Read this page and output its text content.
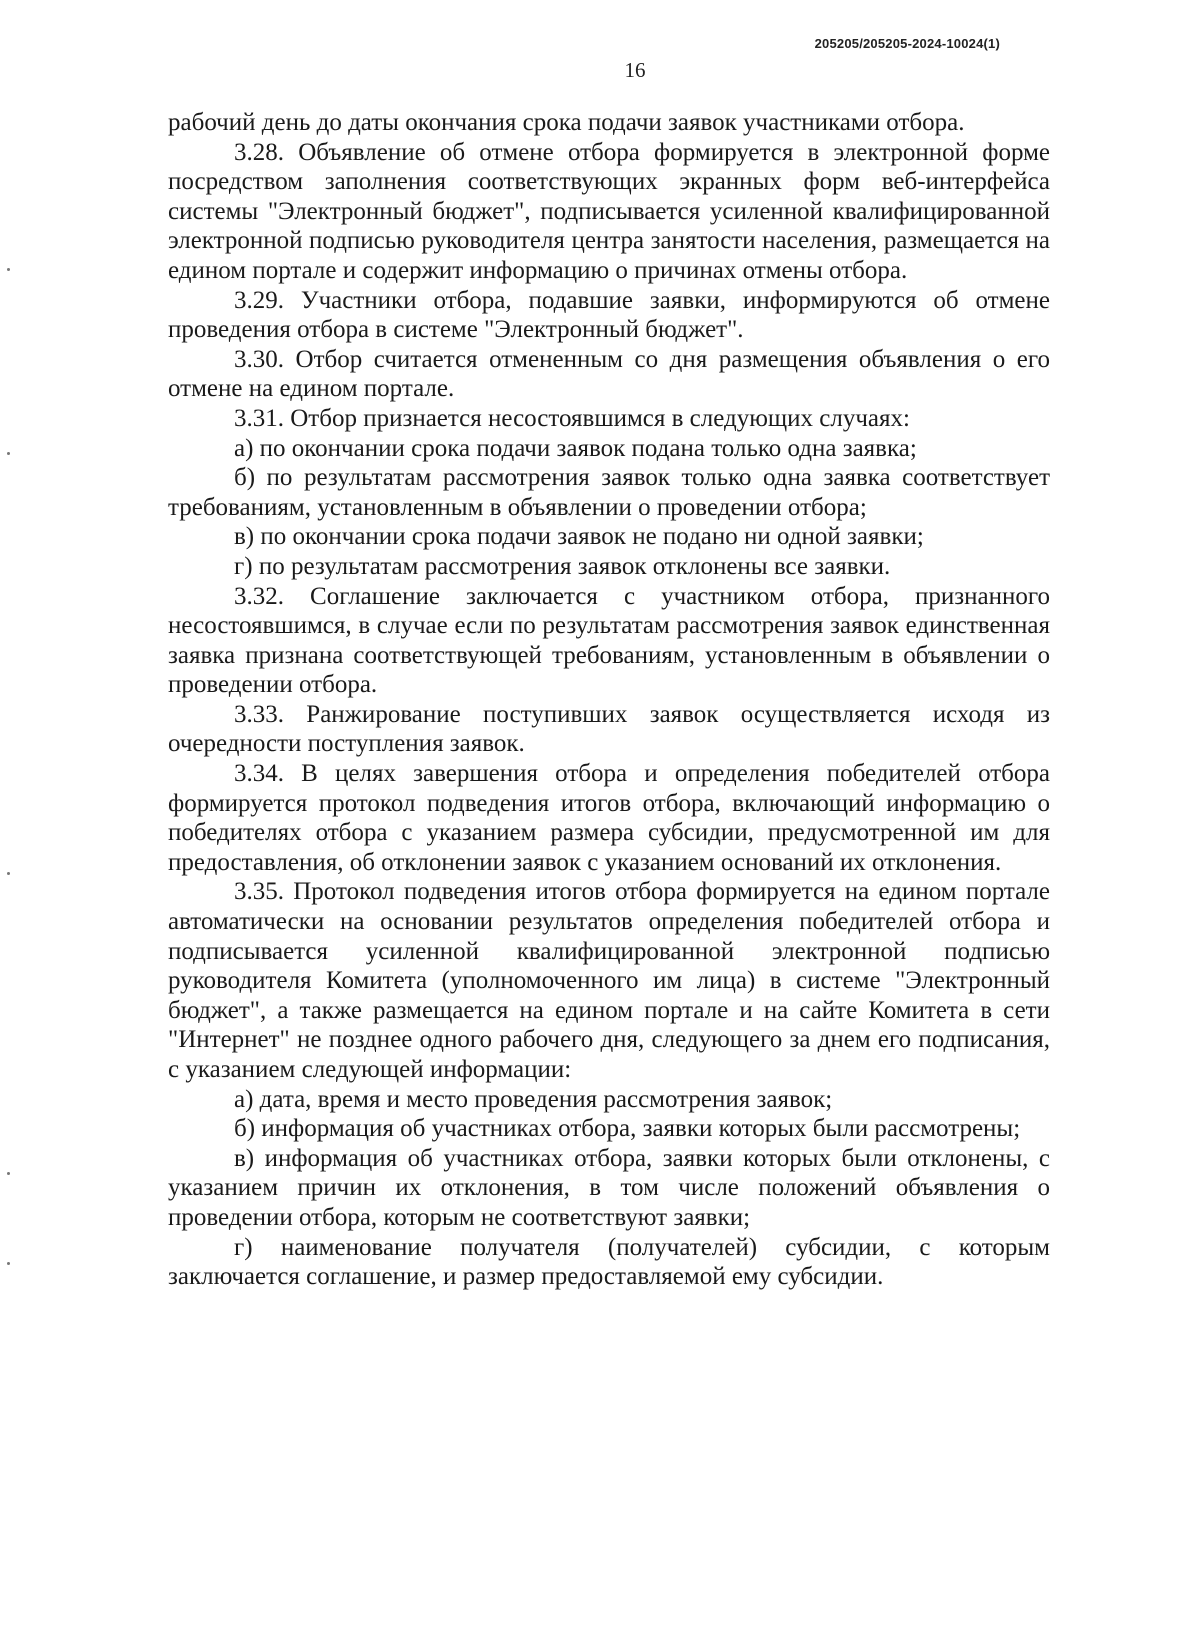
205205/205205-2024-10024(1)
16

рабочий день до даты окончания срока подачи заявок участниками отбора.

3.28. Объявление об отмене отбора формируется в электронной форме посредством заполнения соответствующих экранных форм веб-интерфейса системы "Электронный бюджет", подписывается усиленной квалифицированной электронной подписью руководителя центра занятости населения, размещается на едином портале и содержит информацию о причинах отмены отбора.

3.29. Участники отбора, подавшие заявки, информируются об отмене проведения отбора в системе "Электронный бюджет".

3.30. Отбор считается отмененным со дня размещения объявления о его отмене на едином портале.

3.31. Отбор признается несостоявшимся в следующих случаях:

а) по окончании срока подачи заявок подана только одна заявка;

б) по результатам рассмотрения заявок только одна заявка соответствует требованиям, установленным в объявлении о проведении отбора;

в) по окончании срока подачи заявок не подано ни одной заявки;

г) по результатам рассмотрения заявок отклонены все заявки.

3.32. Соглашение заключается с участником отбора, признанного несостоявшимся, в случае если по результатам рассмотрения заявок единственная заявка признана соответствующей требованиям, установленным в объявлении о проведении отбора.

3.33. Ранжирование поступивших заявок осуществляется исходя из очередности поступления заявок.

3.34. В целях завершения отбора и определения победителей отбора формируется протокол подведения итогов отбора, включающий информацию о победителях отбора с указанием размера субсидии, предусмотренной им для предоставления, об отклонении заявок с указанием оснований их отклонения.

3.35. Протокол подведения итогов отбора формируется на едином портале автоматически на основании результатов определения победителей отбора и подписывается усиленной квалифицированной электронной подписью руководителя Комитета (уполномоченного им лица) в системе "Электронный бюджет", а также размещается на едином портале и на сайте Комитета в сети "Интернет" не позднее одного рабочего дня, следующего за днем его подписания, с указанием следующей информации:

а) дата, время и место проведения рассмотрения заявок;

б) информация об участниках отбора, заявки которых были рассмотрены;

в) информация об участниках отбора, заявки которых были отклонены, с указанием причин их отклонения, в том числе положений объявления о проведении отбора, которым не соответствуют заявки;

г) наименование получателя (получателей) субсидии, с которым заключается соглашение, и размер предоставляемой ему субсидии.
